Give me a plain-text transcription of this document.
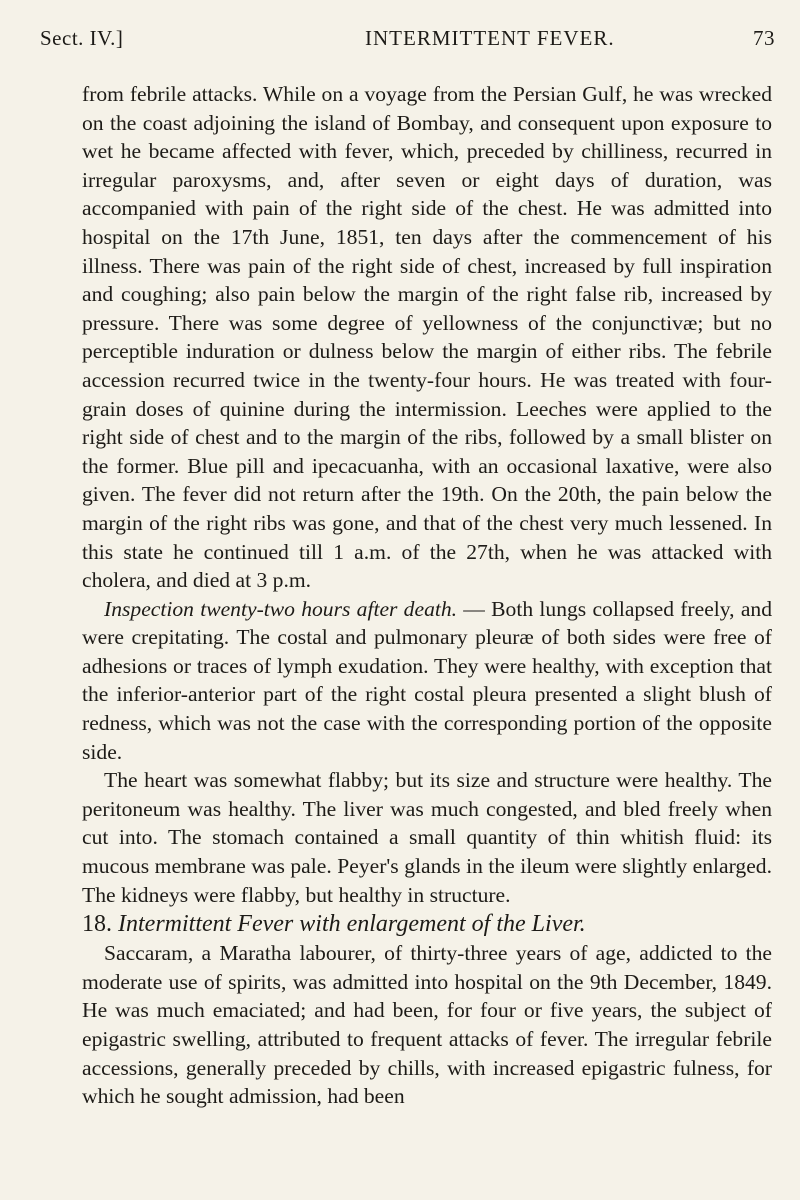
Sect. IV.]	INTERMITTENT FEVER.	73

from febrile attacks. While on a voyage from the Persian Gulf, he was wrecked on the coast adjoining the island of Bombay, and consequent upon exposure to wet he became affected with fever, which, preceded by chilliness, recurred in irregular paroxysms, and, after seven or eight days of duration, was accompanied with pain of the right side of the chest. He was admitted into hospital on the 17th June, 1851, ten days after the commencement of his illness. There was pain of the right side of chest, increased by full inspiration and coughing; also pain below the margin of the right false rib, increased by pressure. There was some degree of yellowness of the conjunctivæ; but no perceptible induration or dulness below the margin of either ribs. The febrile accession recurred twice in the twenty-four hours. He was treated with four-grain doses of quinine during the intermission. Leeches were applied to the right side of chest and to the margin of the ribs, followed by a small blister on the former. Blue pill and ipecacuanha, with an occasional laxative, were also given. The fever did not return after the 19th. On the 20th, the pain below the margin of the right ribs was gone, and that of the chest very much lessened. In this state he continued till 1 a.m. of the 27th, when he was attacked with cholera, and died at 3 p.m.

Inspection twenty-two hours after death. — Both lungs collapsed freely, and were crepitating. The costal and pulmonary pleuræ of both sides were free of adhesions or traces of lymph exudation. They were healthy, with exception that the inferior-anterior part of the right costal pleura presented a slight blush of redness, which was not the case with the corresponding portion of the opposite side.

The heart was somewhat flabby; but its size and structure were healthy. The peritoneum was healthy. The liver was much congested, and bled freely when cut into. The stomach contained a small quantity of thin whitish fluid: its mucous membrane was pale. Peyer's glands in the ileum were slightly enlarged. The kidneys were flabby, but healthy in structure.

18. Intermittent Fever with enlargement of the Liver.

Saccaram, a Maratha labourer, of thirty-three years of age, addicted to the moderate use of spirits, was admitted into hospital on the 9th December, 1849. He was much emaciated; and had been, for four or five years, the subject of epigastric swelling, attributed to frequent attacks of fever. The irregular febrile accessions, generally preceded by chills, with increased epigastric fulness, for which he sought admission, had been
